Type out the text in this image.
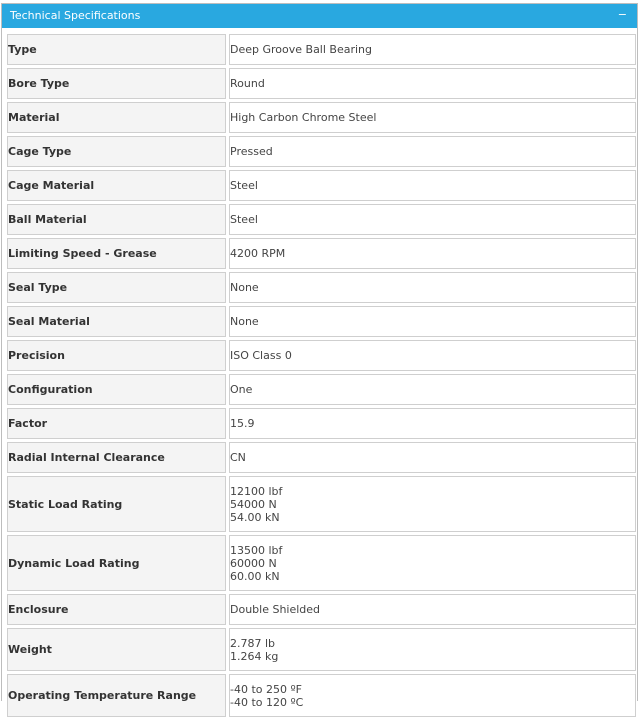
Technical Specifications	−
Type		Deep Groove Ball Bearing

Bore Type		Round

Material		High Carbon Chrome Steel

Cage Type		Pressed

Cage Material		Steel

Ball Material		Steel

Limiting Speed - Grease		4200 RPM

Seal Type		None

Seal Material		None

Precision		ISO Class 0

Configuration		One

Factor		15.9

Radial Internal Clearance		CN

Static Load Rating		12100 lbf
54000 N
54.00 kN

Dynamic Load Rating		13500 lbf
60000 N
60.00 kN

Enclosure		Double Shielded

Weight		2.787 lb
1.264 kg

Operating Temperature Range		-40 to 250 ºF
-40 to 120 ºC
